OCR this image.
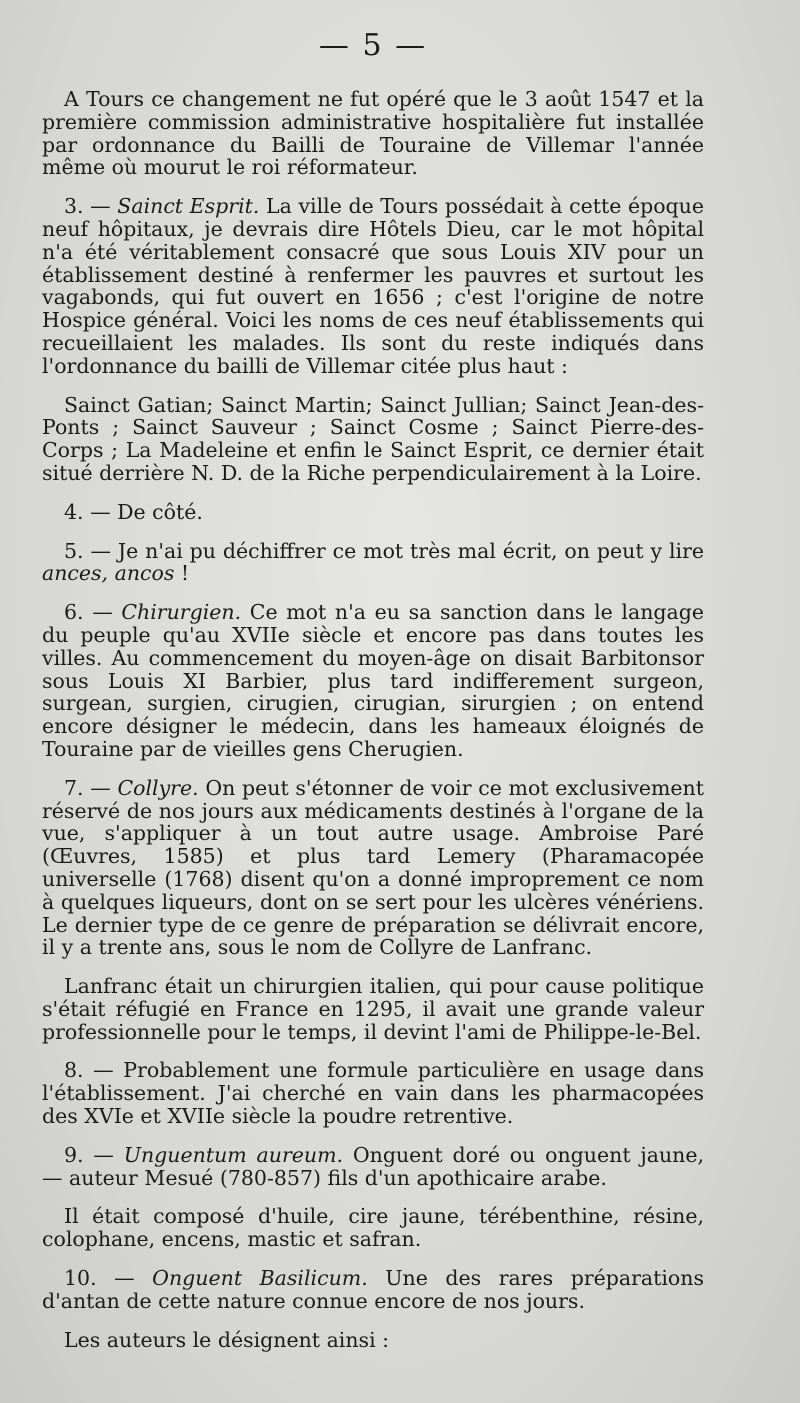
— 5 —

A Tours ce changement ne fut opéré que le 3 août 1547 et la première commission administrative hospitalière fut installée par ordonnance du Bailli de Touraine de Villemar l'année même où mourut le roi réformateur.

3. — Sainct Esprit. La ville de Tours possédait à cette époque neuf hôpitaux, je devrais dire Hôtels Dieu, car le mot hôpital n'a été véritablement consacré que sous Louis XIV pour un établissement destiné à renfermer les pauvres et surtout les vagabonds, qui fut ouvert en 1656 ; c'est l'origine de notre Hospice général. Voici les noms de ces neuf établissements qui recueillaient les malades. Ils sont du reste indiqués dans l'ordonnance du bailli de Villemar citée plus haut :

Sainct Gatian; Sainct Martin; Sainct Jullian; Sainct Jean-des-Ponts ; Sainct Sauveur ; Sainct Cosme ; Sainct Pierre-des-Corps ; La Madeleine et enfin le Sainct Esprit, ce dernier était situé derrière N. D. de la Riche perpendiculairement à la Loire.

4. — De côté.

5. — Je n'ai pu déchiffrer ce mot très mal écrit, on peut y lire ances, ancos !

6. — Chirurgien. Ce mot n'a eu sa sanction dans le langage du peuple qu'au XVIIe siècle et encore pas dans toutes les villes. Au commencement du moyen-âge on disait Barbitonsor sous Louis XI Barbier, plus tard indifferement surgeon, surgean, surgien, cirugien, cirugian, sirurgien ; on entend encore désigner le médecin, dans les hameaux éloignés de Touraine par de vieilles gens Cherugien.

7. — Collyre. On peut s'étonner de voir ce mot exclusivement réservé de nos jours aux médicaments destinés à l'organe de la vue, s'appliquer à un tout autre usage. Ambroise Paré (Œuvres, 1585) et plus tard Lemery (Pharamacopée universelle (1768) disent qu'on a donné improprement ce nom à quelques liqueurs, dont on se sert pour les ulcères vénériens. Le dernier type de ce genre de préparation se délivrait encore, il y a trente ans, sous le nom de Collyre de Lanfranc.

Lanfranc était un chirurgien italien, qui pour cause politique s'était réfugié en France en 1295, il avait une grande valeur professionnelle pour le temps, il devint l'ami de Philippe-le-Bel.

8. — Probablement une formule particulière en usage dans l'établissement. J'ai cherché en vain dans les pharmacopées des XVIe et XVIIe siècle la poudre retrentive.

9. — Unguentum aureum. Onguent doré ou onguent jaune, — auteur Mesué (780-857) fils d'un apothicaire arabe.

Il était composé d'huile, cire jaune, térébenthine, résine, colophane, encens, mastic et safran.

10. — Onguent Basilicum. Une des rares préparations d'antan de cette nature connue encore de nos jours.

Les auteurs le désignent ainsi :
